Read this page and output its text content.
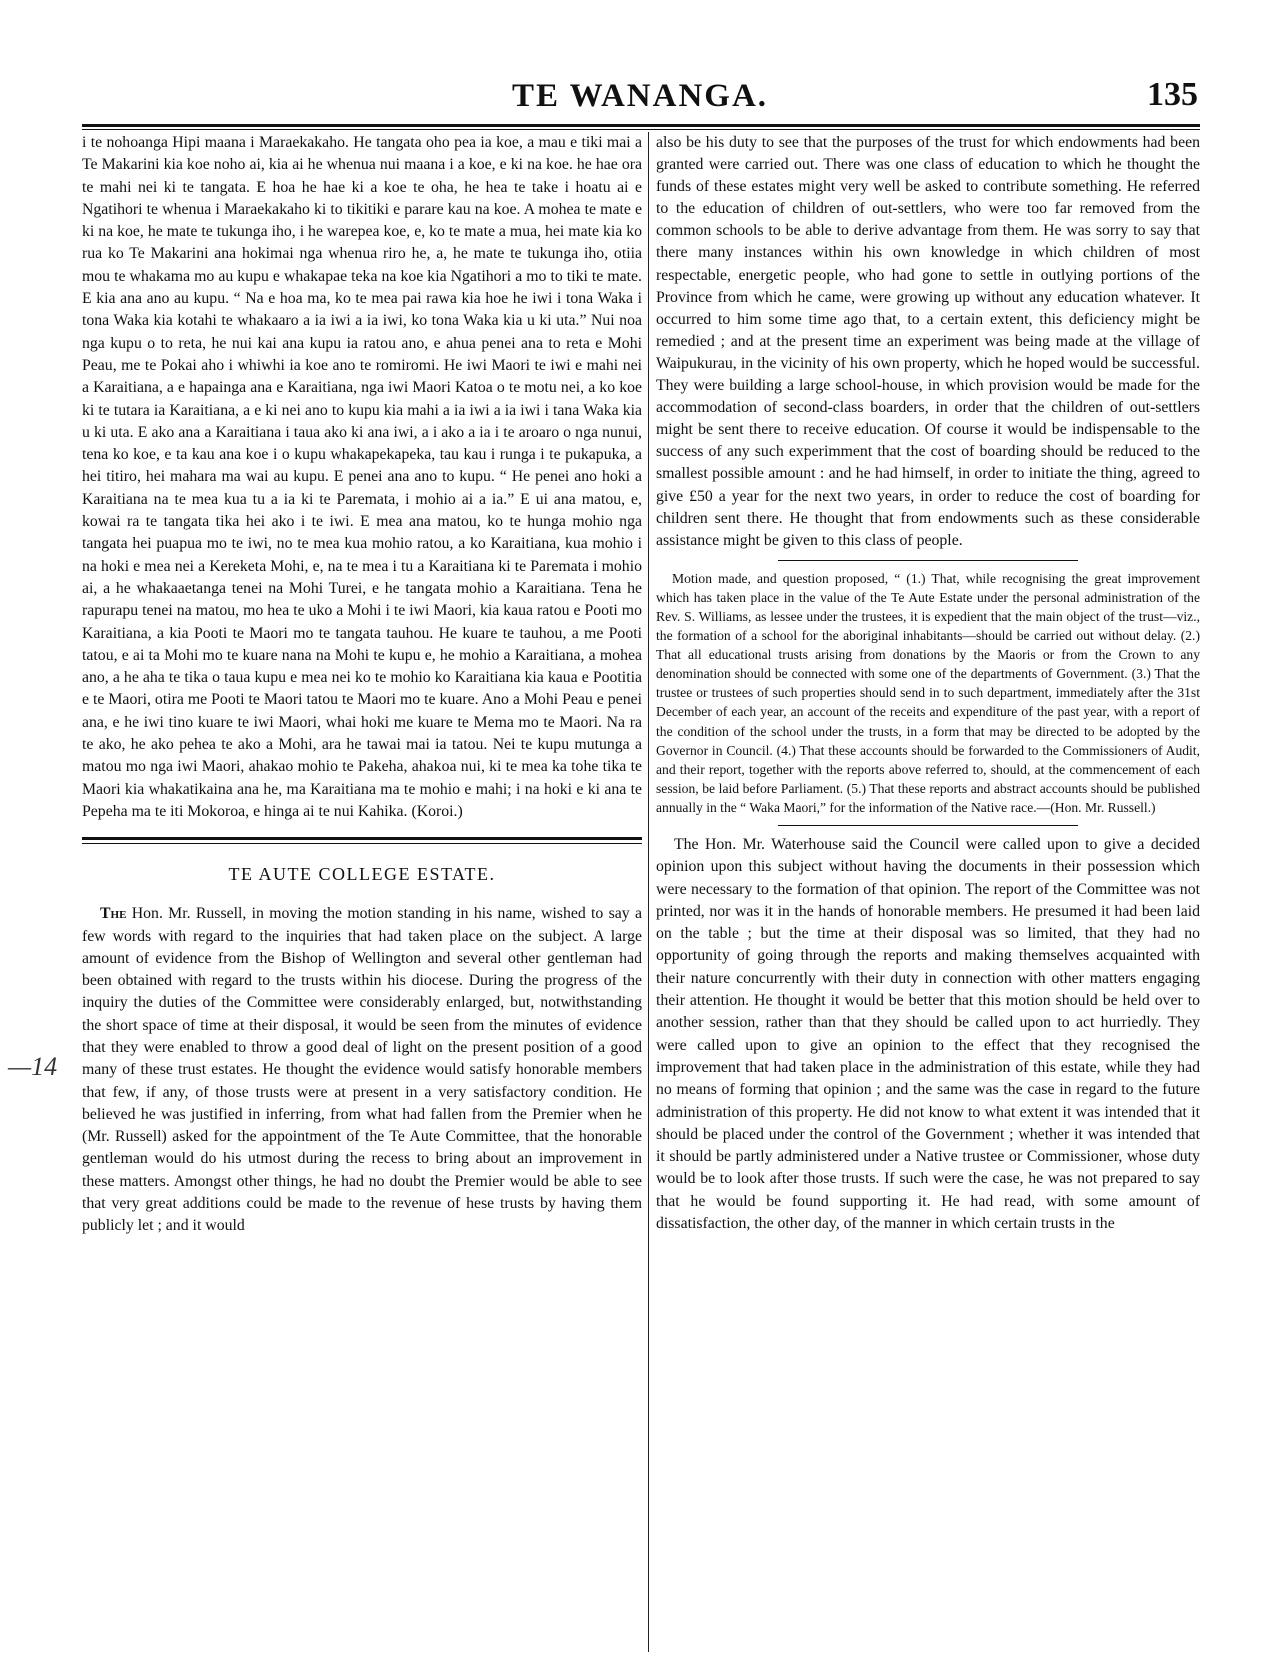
TE WANANGA.	135
—14

i te nohoanga Hipi maana i Maraekakaho. He tangata oho pea ia koe, a mau e tiki mai a Te Makarini kia koe noho ai, kia ai he whenua nui maana i a koe, e ki na koe. he hae ora te mahi nei ki te tangata. E hoa he hae ki a koe te oha, he hea te take i hoatu ai e Ngatihori te whenua i Maraekakaho ki to tikitiki e parare kau na koe. A mohea te mate e ki na koe, he mate te tukunga iho, i he warepea koe, e, ko te mate a mua, hei mate kia ko rua ko Te Makarini ana hokimai nga whenua riro he, a, he mate te tukunga iho, otiia mou te whakama mo au kupu e whakapae teka na koe kia Ngatihori a mo to tiki te mate. E kia ana ano au kupu. “ Na e hoa ma, ko te mea pai rawa kia hoe he iwi i tona Waka i tona Waka kia kotahi te whakaaro a ia iwi a ia iwi, ko tona Waka kia u ki uta.” Nui noa nga kupu o to reta, he nui kai ana kupu ia ratou ano, e ahua penei ana to reta e Mohi Peau, me te Pokai aho i whiwhi ia koe ano te romiromi. He iwi Maori te iwi e mahi nei a Karaitiana, a e hapainga ana e Karaitiana, nga iwi Maori Katoa o te motu nei, a ko koe ki te tutara ia Karaitiana, a e ki nei ano to kupu kia mahi a ia iwi a ia iwi i tana Waka kia u ki uta. E ako ana a Karaitiana i taua ako ki ana iwi, a i ako a ia i te aroaro o nga nunui, tena ko koe, e ta kau ana koe i o kupu whakapekapeka, tau kau i runga i te pukapuka, a hei titiro, hei mahara ma wai au kupu. E penei ana ano to kupu. “ He penei ano hoki a Karaitiana na te mea kua tu a ia ki te Paremata, i mohio ai a ia.” E ui ana matou, e, kowai ra te tangata tika hei ako i te iwi. E mea ana matou, ko te hunga mohio nga tangata hei puapua mo te iwi, no te mea kua mohio ratou, a ko Karaitiana, kua mohio i na hoki e mea nei a Kereketa Mohi, e, na te mea i tu a Karaitiana ki te Paremata i mohio ai, a he whakaaetanga tenei na Mohi Turei, e he tangata mohio a Karaitiana. Tena he rapurapu tenei na matou, mo hea te uko a Mohi i te iwi Maori, kia kaua ratou e Pooti mo Karaitiana, a kia Pooti te Maori mo te tangata tauhou. He kuare te tauhou, a me Pooti tatou, e ai ta Mohi mo te kuare nana na Mohi te kupu e, he mohio a Karaitiana, a mohea ano, a he aha te tika o taua kupu e mea nei ko te mohio ko Karaitiana kia kaua e Pootitia e te Maori, otira me Pooti te Maori tatou te Maori mo te kuare. Ano a Mohi Peau e penei ana, e he iwi tino kuare te iwi Maori, whai hoki me kuare te Mema mo te Maori. Na ra te ako, he ako pehea te ako a Mohi, ara he tawai mai ia tatou. Nei te kupu mutunga a matou mo nga iwi Maori, ahakao mohio te Pakeha, ahakoa nui, ki te mea ka tohe tika te Maori kia whakatikaina ana he, ma Karaitiana ma te mohio e mahi; i na hoki e ki ana te Pepeha ma te iti Mokoroa, e hinga ai te nui Kahika. (Koroi.)

TE AUTE COLLEGE ESTATE.

The Hon. Mr. Russell, in moving the motion standing in his name, wished to say a few words with regard to the inquiries that had taken place on the subject. A large amount of evidence from the Bishop of Wellington and several other gentleman had been obtained with regard to the trusts within his diocese. During the progress of the inquiry the duties of the Committee were considerably enlarged, but, notwithstanding the short space of time at their disposal, it would be seen from the minutes of evidence that they were enabled to throw a good deal of light on the present position of a good many of these trust estates. He thought the evidence would satisfy honorable members that few, if any, of those trusts were at present in a very satisfactory condition. He believed he was justified in inferring, from what had fallen from the Premier when he (Mr. Russell) asked for the appointment of the Te Aute Committee, that the honorable gentleman would do his utmost during the recess to bring about an improvement in these matters. Amongst other things, he had no doubt the Premier would be able to see that very great additions could be made to the revenue of hese trusts by having them publicly let ; and it would

also be his duty to see that the purposes of the trust for which endowments had been granted were carried out. There was one class of education to which he thought the funds of these estates might very well be asked to contribute something. He referred to the education of children of out-settlers, who were too far removed from the common schools to be able to derive advantage from them. He was sorry to say that there many instances within his own knowledge in which children of most respectable, energetic people, who had gone to settle in outlying portions of the Province from which he came, were growing up without any education whatever. It occurred to him some time ago that, to a certain extent, this deficiency might be remedied ; and at the present time an experiment was being made at the village of Waipukurau, in the vicinity of his own property, which he hoped would be successful. They were building a large school-house, in which provision would be made for the accommodation of second-class boarders, in order that the children of out-settlers might be sent there to receive education. Of course it would be indispensable to the success of any such experimment that the cost of boarding should be reduced to the smallest possible amount : and he had himself, in order to initiate the thing, agreed to give £50 a year for the next two years, in order to reduce the cost of boarding for children sent there. He thought that from endowments such as these considerable assistance might be given to this class of people.

Motion made, and question proposed, “ (1.) That, while recognising the great improvement which has taken place in the value of the Te Aute Estate under the personal administration of the Rev. S. Williams, as lessee under the trustees, it is expedient that the main object of the trust—viz., the formation of a school for the aboriginal inhabitants—should be carried out without delay. (2.) That all educational trusts arising from donations by the Maoris or from the Crown to any denomination should be connected with some one of the departments of Government. (3.) That the trustee or trustees of such properties should send in to such department, immediately after the 31st December of each year, an account of the receits and expenditure of the past year, with a report of the condition of the school under the trusts, in a form that may be directed to be adopted by the Governor in Council. (4.) That these accounts should be forwarded to the Commissioners of Audit, and their report, together with the reports above referred to, should, at the commencement of each session, be laid before Parliament. (5.) That these reports and abstract accounts should be published annually in the “ Waka Maori,” for the information of the Native race.—(Hon. Mr. Russell.)

The Hon. Mr. Waterhouse said the Council were called upon to give a decided opinion upon this subject without having the documents in their possession which were necessary to the formation of that opinion. The report of the Committee was not printed, nor was it in the hands of honorable members. He presumed it had been laid on the table ; but the time at their disposal was so limited, that they had no opportunity of going through the reports and making themselves acquainted with their nature concurrently with their duty in connection with other matters engaging their attention. He thought it would be better that this motion should be held over to another session, rather than that they should be called upon to act hurriedly. They were called upon to give an opinion to the effect that they recognised the improvement that had taken place in the administration of this estate, while they had no means of forming that opinion ; and the same was the case in regard to the future administration of this property. He did not know to what extent it was intended that it should be placed under the control of the Government ; whether it was intended that it should be partly administered under a Native trustee or Commissioner, whose duty would be to look after those trusts. If such were the case, he was not prepared to say that he would be found supporting it. He had read, with some amount of dissatisfaction, the other day, of the manner in which certain trusts in the
